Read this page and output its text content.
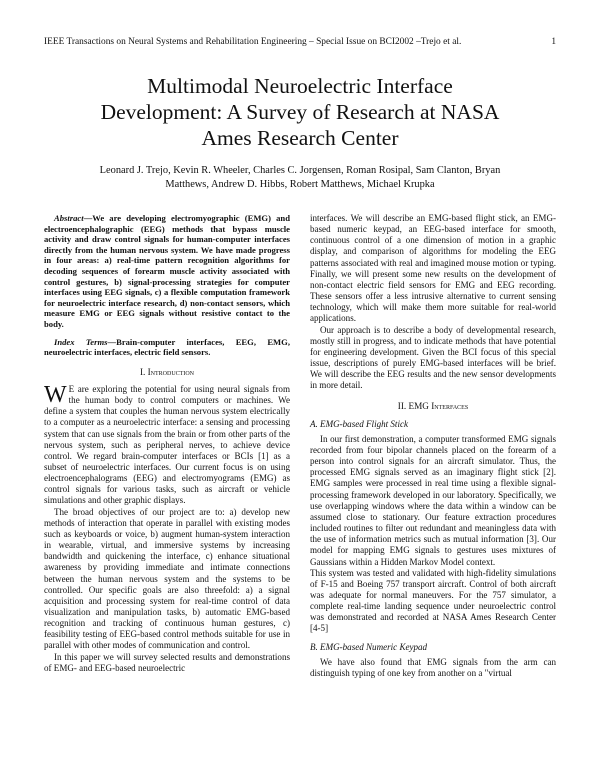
IEEE Transactions on Neural Systems and Rehabilitation Engineering – Special Issue on BCI2002 –Trejo et al.	1
Multimodal Neuroelectric Interface
Development: A Survey of Research at NASA
Ames Research Center
Leonard J. Trejo, Kevin R. Wheeler, Charles C. Jorgensen, Roman Rosipal, Sam Clanton, Bryan
Matthews, Andrew D. Hibbs, Robert Matthews, Michael Krupka

Abstract—We are developing electromyographic (EMG) and electroencephalographic (EEG) methods that bypass muscle activity and draw control signals for human-computer interfaces directly from the human nervous system. We have made progress in four areas: a) real-time pattern recognition algorithms for decoding sequences of forearm muscle activity associated with control gestures, b) signal-processing strategies for computer interfaces using EEG signals, c) a flexible computation framework for neuroelectric interface research, d) non-contact sensors, which measure EMG or EEG signals without resistive contact to the body.

Index Terms—Brain-computer interfaces, EEG, EMG, neuroelectric interfaces, electric field sensors.

I. Introduction

W E are exploring the potential for using neural signals from the human body to control computers or machines. We define a system that couples the human nervous system electrically to a computer as a neuroelectric interface: a sensing and processing system that can use signals from the brain or from other parts of the nervous system, such as peripheral nerves, to achieve device control. We regard brain-computer interfaces or BCIs [1] as a subset of neuroelectric interfaces. Our current focus is on using electroencephalograms (EEG) and electromyograms (EMG) as control signals for various tasks, such as aircraft or vehicle simulations and other graphic displays.

The broad objectives of our project are to: a) develop new methods of interaction that operate in parallel with existing modes such as keyboards or voice, b) augment human-system interaction in wearable, virtual, and immersive systems by increasing bandwidth and quickening the interface, c) enhance situational awareness by providing immediate and intimate connections between the human nervous system and the systems to be controlled. Our specific goals are also threefold: a) a signal acquisition and processing system for real-time control of data visualization and manipulation tasks, b) automatic EMG-based recognition and tracking of continuous human gestures, c) feasibility testing of EEG-based control methods suitable for use in parallel with other modes of communication and control.

In this paper we will survey selected results and demonstrations of EMG- and EEG-based neuroelectric

interfaces. We will describe an EMG-based flight stick, an EMG-based numeric keypad, an EEG-based interface for smooth, continuous control of a one dimension of motion in a graphic display, and comparison of algorithms for modeling the EEG patterns associated with real and imagined mouse motion or typing. Finally, we will present some new results on the development of non-contact electric field sensors for EMG and EEG recording. These sensors offer a less intrusive alternative to current sensing technology, which will make them more suitable for real-world applications.

Our approach is to describe a body of developmental research, mostly still in progress, and to indicate methods that have potential for engineering development. Given the BCI focus of this special issue, descriptions of purely EMG-based interfaces will be brief. We will describe the EEG results and the new sensor developments in more detail.

II. EMG Interfaces

A. EMG-based Flight Stick

In our first demonstration, a computer transformed EMG signals recorded from four bipolar channels placed on the forearm of a person into control signals for an aircraft simulator. Thus, the processed EMG signals served as an imaginary flight stick [2]. EMG samples were processed in real time using a flexible signal-processing framework developed in our laboratory. Specifically, we use overlapping windows where the data within a window can be assumed close to stationary. Our feature extraction procedures included routines to filter out redundant and meaningless data with the use of information metrics such as mutual information [3]. Our model for mapping EMG signals to gestures uses mixtures of Gaussians within a Hidden Markov Model context.

This system was tested and validated with high-fidelity simulations of F-15 and Boeing 757 transport aircraft. Control of both aircraft was adequate for normal maneuvers. For the 757 simulator, a complete real-time landing sequence under neuroelectric control was demonstrated and recorded at NASA Ames Research Center [4-5]

B. EMG-based Numeric Keypad

We have also found that EMG signals from the arm can distinguish typing of one key from another on a "virtual
